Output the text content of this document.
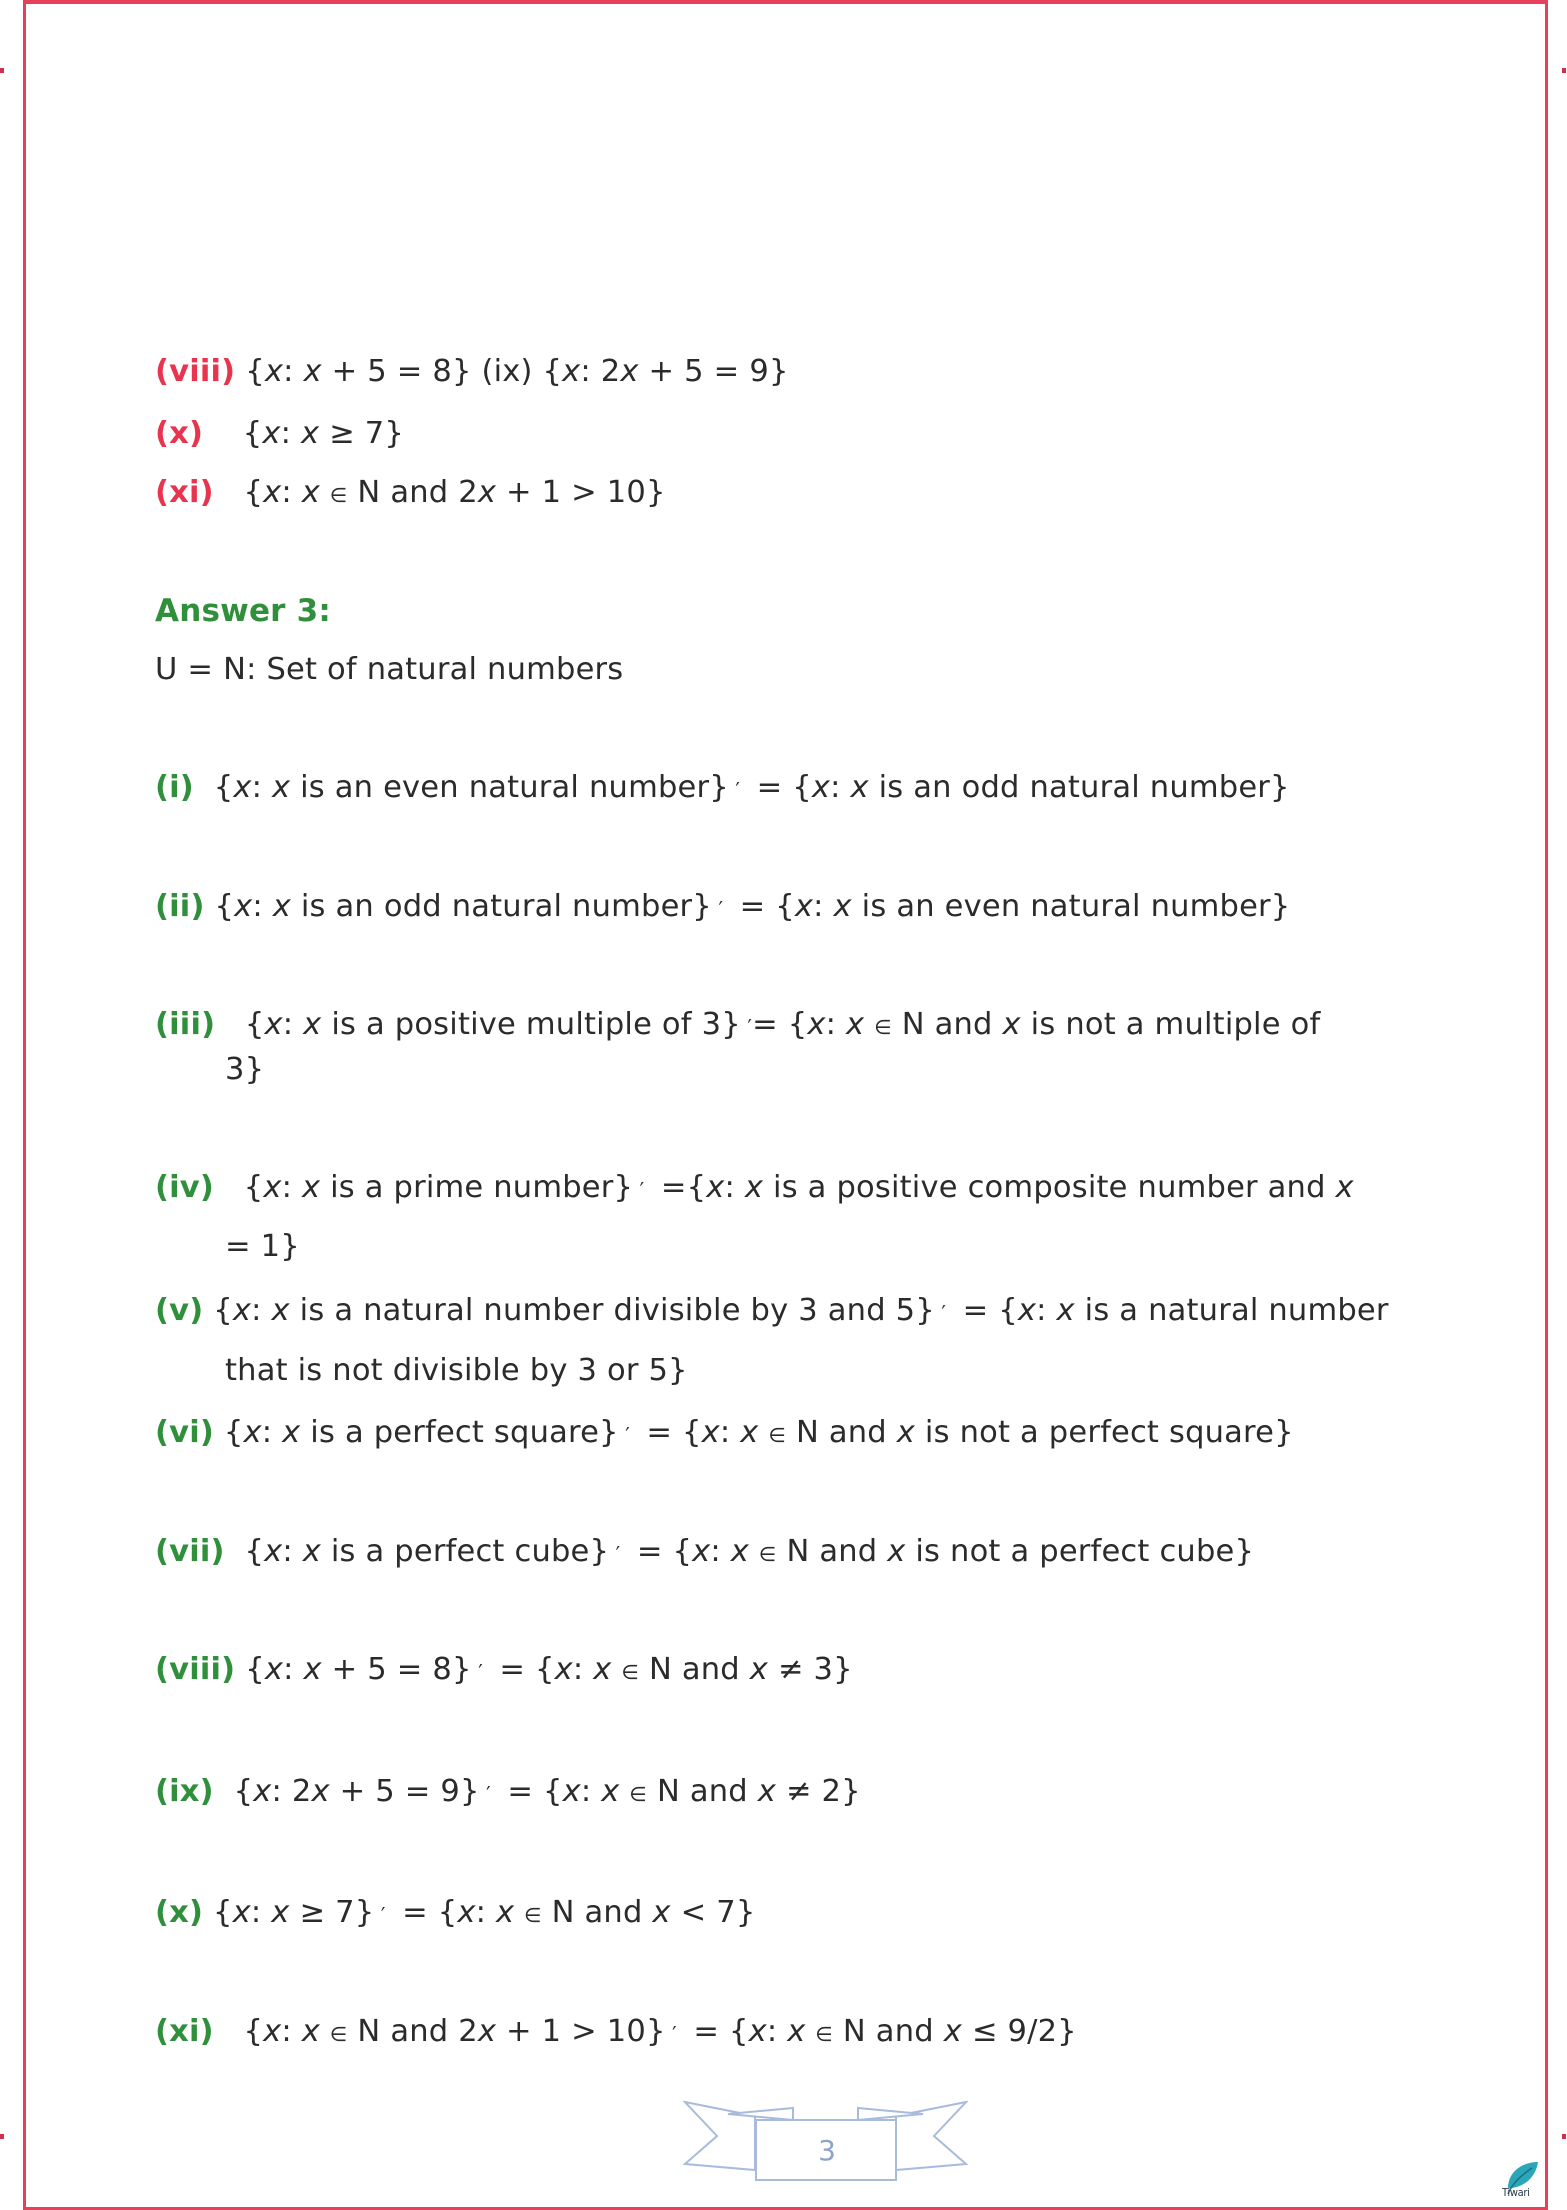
(viii) {x: x + 5 = 8} (ix) {x: 2x + 5 = 9}
(x)    {x: x ≥ 7}
(xi)   {x: x ∈ N and 2x + 1 > 10}
Answer 3:
U = N: Set of natural numbers
(i)  {x: x is an even natural number} ′  = {x: x is an odd natural number}
(ii) {x: x is an odd natural number} ′  = {x: x is an even natural number}
(iii)   {x: x is a positive multiple of 3} ′= {x: x ∈ N and x is not a multiple of
3}
(iv)   {x: x is a prime number} ′  ={x: x is a positive composite number and x
= 1}
(v) {x: x is a natural number divisible by 3 and 5} ′  = {x: x is a natural number
that is not divisible by 3 or 5}
(vi) {x: x is a perfect square} ′  = {x: x ∈ N and x is not a perfect square}
(vii)  {x: x is a perfect cube} ′  = {x: x ∈ N and x is not a perfect cube}
(viii) {x: x + 5 = 8} ′  = {x: x ∈ N and x ≠ 3}
(ix)  {x: 2x + 5 = 9} ′  = {x: x ∈ N and x ≠ 2}
(x) {x: x ≥ 7} ′  = {x: x ∈ N and x < 7}
(xi)   {x: x ∈ N and 2x + 1 > 10} ′  = {x: x ∈ N and x ≤ 9/2}
3
Tiwari
